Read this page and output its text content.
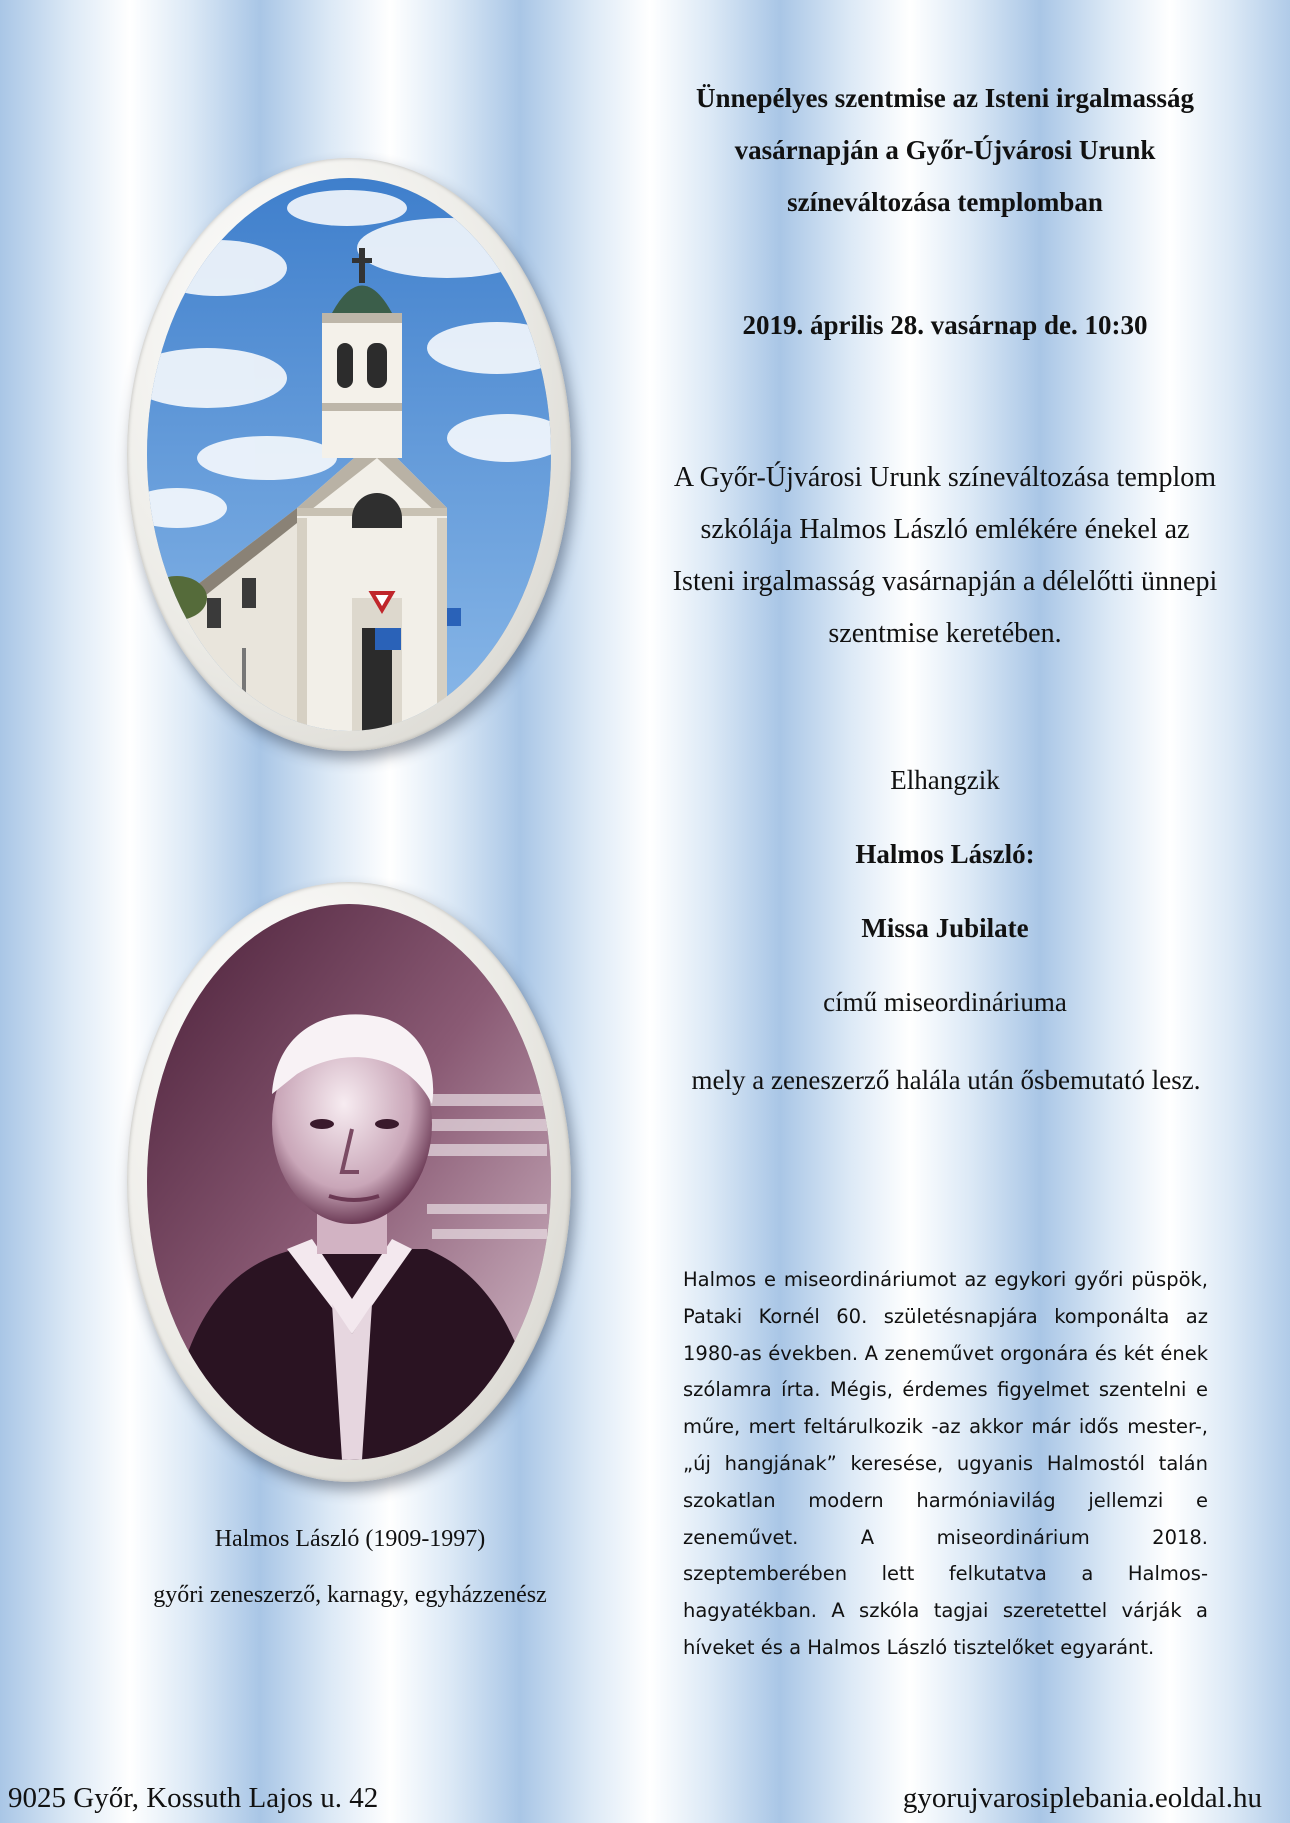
Halmos László (1909-1997)
győri zeneszerző, karnagy, egyházzenész
Ünnepélyes szentmise az Isteni irgalmasság vasárnapján a Győr-Újvárosi Urunk színeváltozása templomban
2019. április 28. vasárnap de. 10:30
A Győr-Újvárosi Urunk színeváltozása templom szkólája Halmos László emlékére énekel az Isteni irgalmasság vasárnapján a délelőtti ünnepi szentmise keretében.
Elhangzik
Halmos László:
Missa Jubilate
című miseordináriuma
mely a zeneszerző halála után ősbemutató lesz.
Halmos e miseordináriumot az egykori győri püspök, Pataki Kornél 60. születésnapjára komponálta az 1980-as években. A zeneművet orgonára és két ének szólamra írta. Mégis, érdemes figyelmet szentelni e műre, mert feltárulkozik -az akkor már idős mester-, „új hangjának” keresése, ugyanis Halmostól talán szokatlan modern harmóniavilág jellemzi e zeneművet. A miseordinárium 2018. szeptemberében lett felkutatva a Halmos-hagyatékban. A szkóla tagjai szeretettel várják a híveket és a Halmos László tisztelőket egyaránt.
9025 Győr, Kossuth Lajos u. 42	gyorujvarosiplebania.eoldal.hu
